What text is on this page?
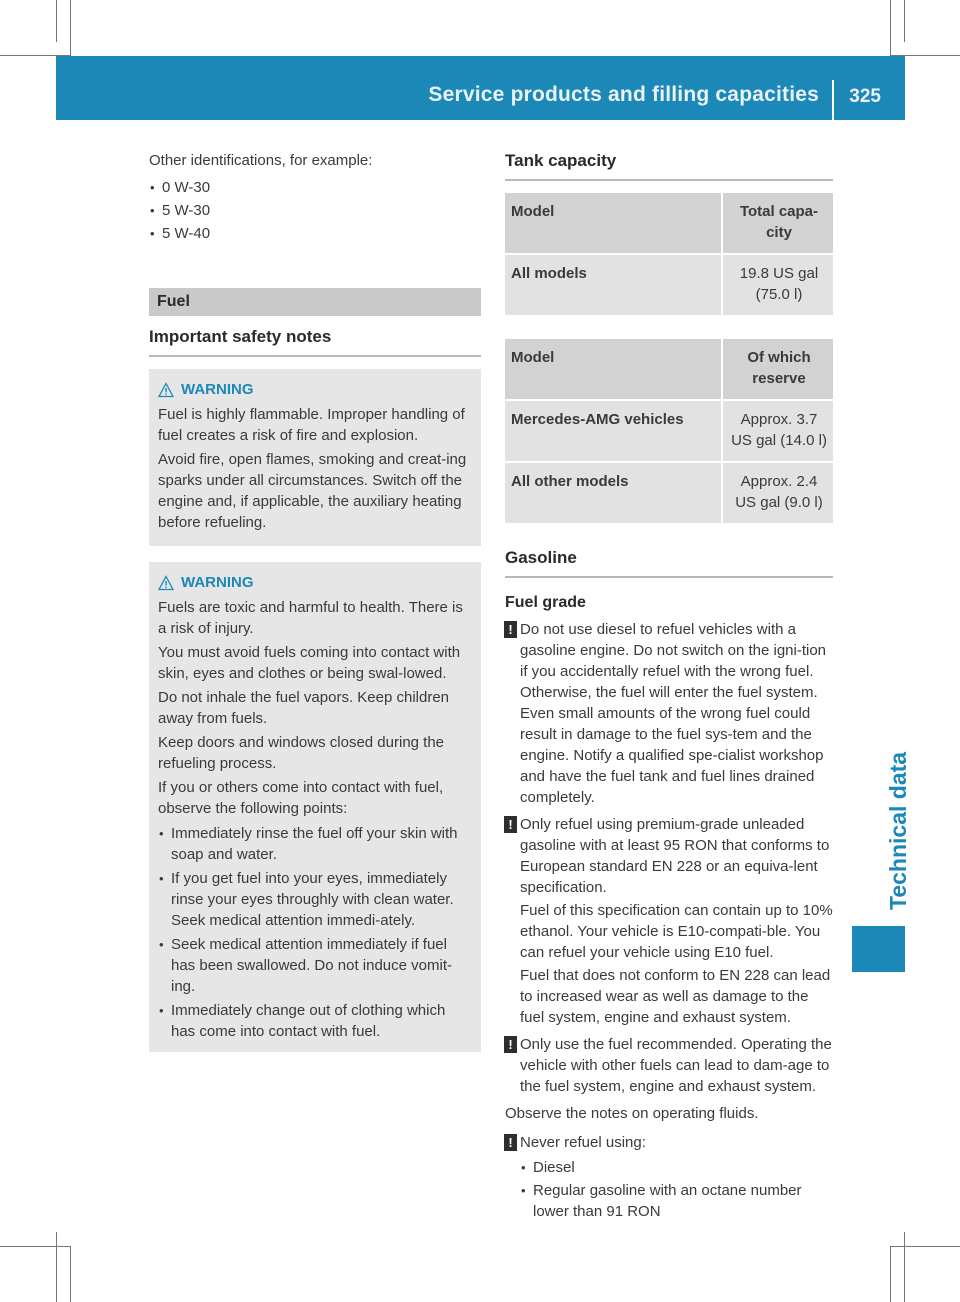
Service products and filling capacities 325
Technical data

Other identifications, for example:

• 0 W-30
• 5 W-30
• 5 W-40
Fuel
Important safety notes
WARNING

Fuel is highly flammable. Improper handling of fuel creates a risk of fire and explosion.

Avoid fire, open flames, smoking and creat-ing sparks under all circumstances. Switch off the engine and, if applicable, the auxiliary heating before refueling.

WARNING

Fuels are toxic and harmful to health. There is a risk of injury.

You must avoid fuels coming into contact with skin, eyes and clothes or being swal-lowed.

Do not inhale the fuel vapors. Keep children away from fuels.

Keep doors and windows closed during the refueling process.

If you or others come into contact with fuel, observe the following points:

• Immediately rinse the fuel off your skin with soap and water.
• If you get fuel into your eyes, immediately rinse your eyes throughly with clean water. Seek medical attention immedi-ately.
• Seek medical attention immediately if fuel has been swallowed. Do not induce vomit-ing.
• Immediately change out of clothing which has come into contact with fuel.
Tank capacity
Model	Total capa-city
All models	19.8 US gal (75.0 l)
Model	Of which reserve
Mercedes-AMG vehicles	Approx. 3.7 US gal (14.0 l)
All other models	Approx. 2.4 US gal (9.0 l)
Gasoline
Fuel grade
! Do not use diesel to refuel vehicles with a gasoline engine. Do not switch on the igni-tion if you accidentally refuel with the wrong fuel. Otherwise, the fuel will enter the fuel system. Even small amounts of the wrong fuel could result in damage to the fuel sys-tem and the engine. Notify a qualified spe-cialist workshop and have the fuel tank and fuel lines drained completely.
! Only refuel using premium-grade unleaded gasoline with at least 95 RON that conforms to European standard EN 228 or an equiva-lent specification.

Fuel of this specification can contain up to 10% ethanol. Your vehicle is E10-compati-ble. You can refuel your vehicle using E10 fuel.

Fuel that does not conform to EN 228 can lead to increased wear as well as damage to the fuel system, engine and exhaust system.

! Only use the fuel recommended. Operating the vehicle with other fuels can lead to dam-age to the fuel system, engine and exhaust system.

Observe the notes on operating fluids.

! Never refuel using:
• Diesel
• Regular gasoline with an octane number lower than 91 RON
